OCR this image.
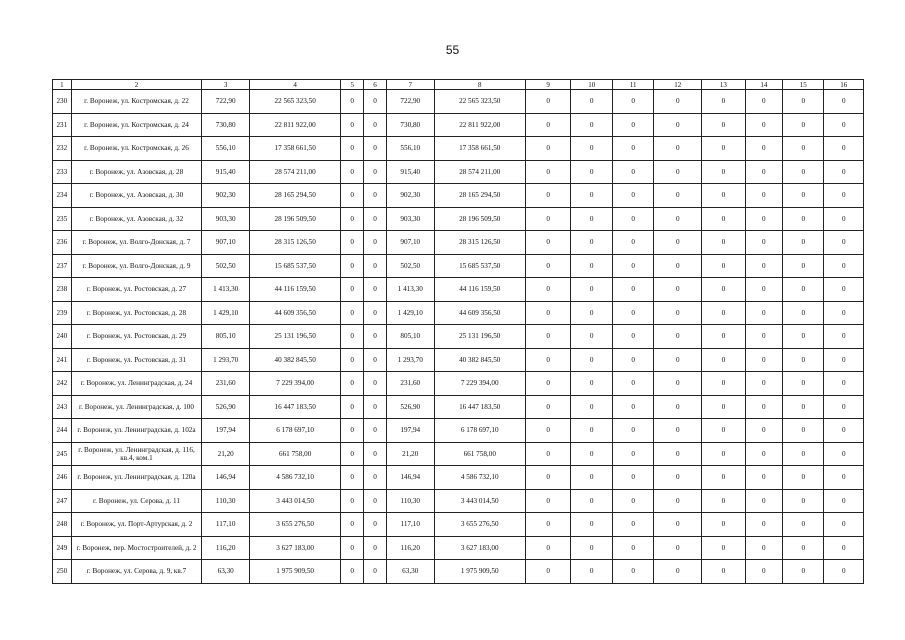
55
1	2	3	4	5	6	7	8	9	10	11	12	13	14	15	16
230	г. Воронеж, ул. Костромская, д. 22	722,90	22 565 323,50	0	0	722,90	22 565 323,50	0	0	0	0	0	0	0	0
231	г. Воронеж, ул. Костромская, д. 24	730,80	22 811 922,00	0	0	730,80	22 811 922,00	0	0	0	0	0	0	0	0
232	г. Воронеж, ул. Костромская, д. 26	556,10	17 358 661,50	0	0	556,10	17 358 661,50	0	0	0	0	0	0	0	0
233	г. Воронеж, ул. Азовская, д. 28	915,40	28 574 211,00	0	0	915,40	28 574 211,00	0	0	0	0	0	0	0	0
234	г. Воронеж, ул. Азовская, д. 30	902,30	28 165 294,50	0	0	902,30	28 165 294,50	0	0	0	0	0	0	0	0
235	г. Воронеж, ул. Азовская, д. 32	903,30	28 196 509,50	0	0	903,30	28 196 509,50	0	0	0	0	0	0	0	0
236	г. Воронеж, ул. Волго-Донская, д. 7	907,10	28 315 126,50	0	0	907,10	28 315 126,50	0	0	0	0	0	0	0	0
237	г. Воронеж, ул. Волго-Донская, д. 9	502,50	15 685 537,50	0	0	502,50	15 685 537,50	0	0	0	0	0	0	0	0
238	г. Воронеж, ул. Ростовская, д. 27	1 413,30	44 116 159,50	0	0	1 413,30	44 116 159,50	0	0	0	0	0	0	0	0
239	г. Воронеж, ул. Ростовская, д. 28	1 429,10	44 609 356,50	0	0	1 429,10	44 609 356,50	0	0	0	0	0	0	0	0
240	г. Воронеж, ул. Ростовская, д. 29	805,10	25 131 196,50	0	0	805,10	25 131 196,50	0	0	0	0	0	0	0	0
241	г. Воронеж, ул. Ростовская, д. 31	1 293,70	40 382 845,50	0	0	1 293,70	40 382 845,50	0	0	0	0	0	0	0	0
242	г. Воронеж, ул. Ленинградская, д. 24	231,60	7 229 394,00	0	0	231,60	7 229 394,00	0	0	0	0	0	0	0	0
243	г. Воронеж, ул. Ленинградская, д. 100	526,90	16 447 183,50	0	0	526,90	16 447 183,50	0	0	0	0	0	0	0	0
244	г. Воронеж, ул. Ленинградская, д. 102а	197,94	6 178 697,10	0	0	197,94	6 178 697,10	0	0	0	0	0	0	0	0
245	г. Воронеж, ул. Ленинградская, д. 116, кв.4, ком.1	21,20	661 758,00	0	0	21,20	661 758,00	0	0	0	0	0	0	0	0
246	г. Воронеж, ул. Ленинградская, д. 120а	146,94	4 586 732,10	0	0	146,94	4 586 732,10	0	0	0	0	0	0	0	0
247	г. Воронеж, ул. Серова, д. 11	110,30	3 443 014,50	0	0	110,30	3 443 014,50	0	0	0	0	0	0	0	0
248	г. Воронеж, ул. Порт-Артурская, д. 2	117,10	3 655 276,50	0	0	117,10	3 655 276,50	0	0	0	0	0	0	0	0
249	г. Воронеж, пер. Мостостроителей, д. 2	116,20	3 627 183,00	0	0	116,20	3 627 183,00	0	0	0	0	0	0	0	0
250	г. Воронеж, ул. Серова, д. 9, кв.7	63,30	1 975 909,50	0	0	63,30	1 975 909,50	0	0	0	0	0	0	0	0
